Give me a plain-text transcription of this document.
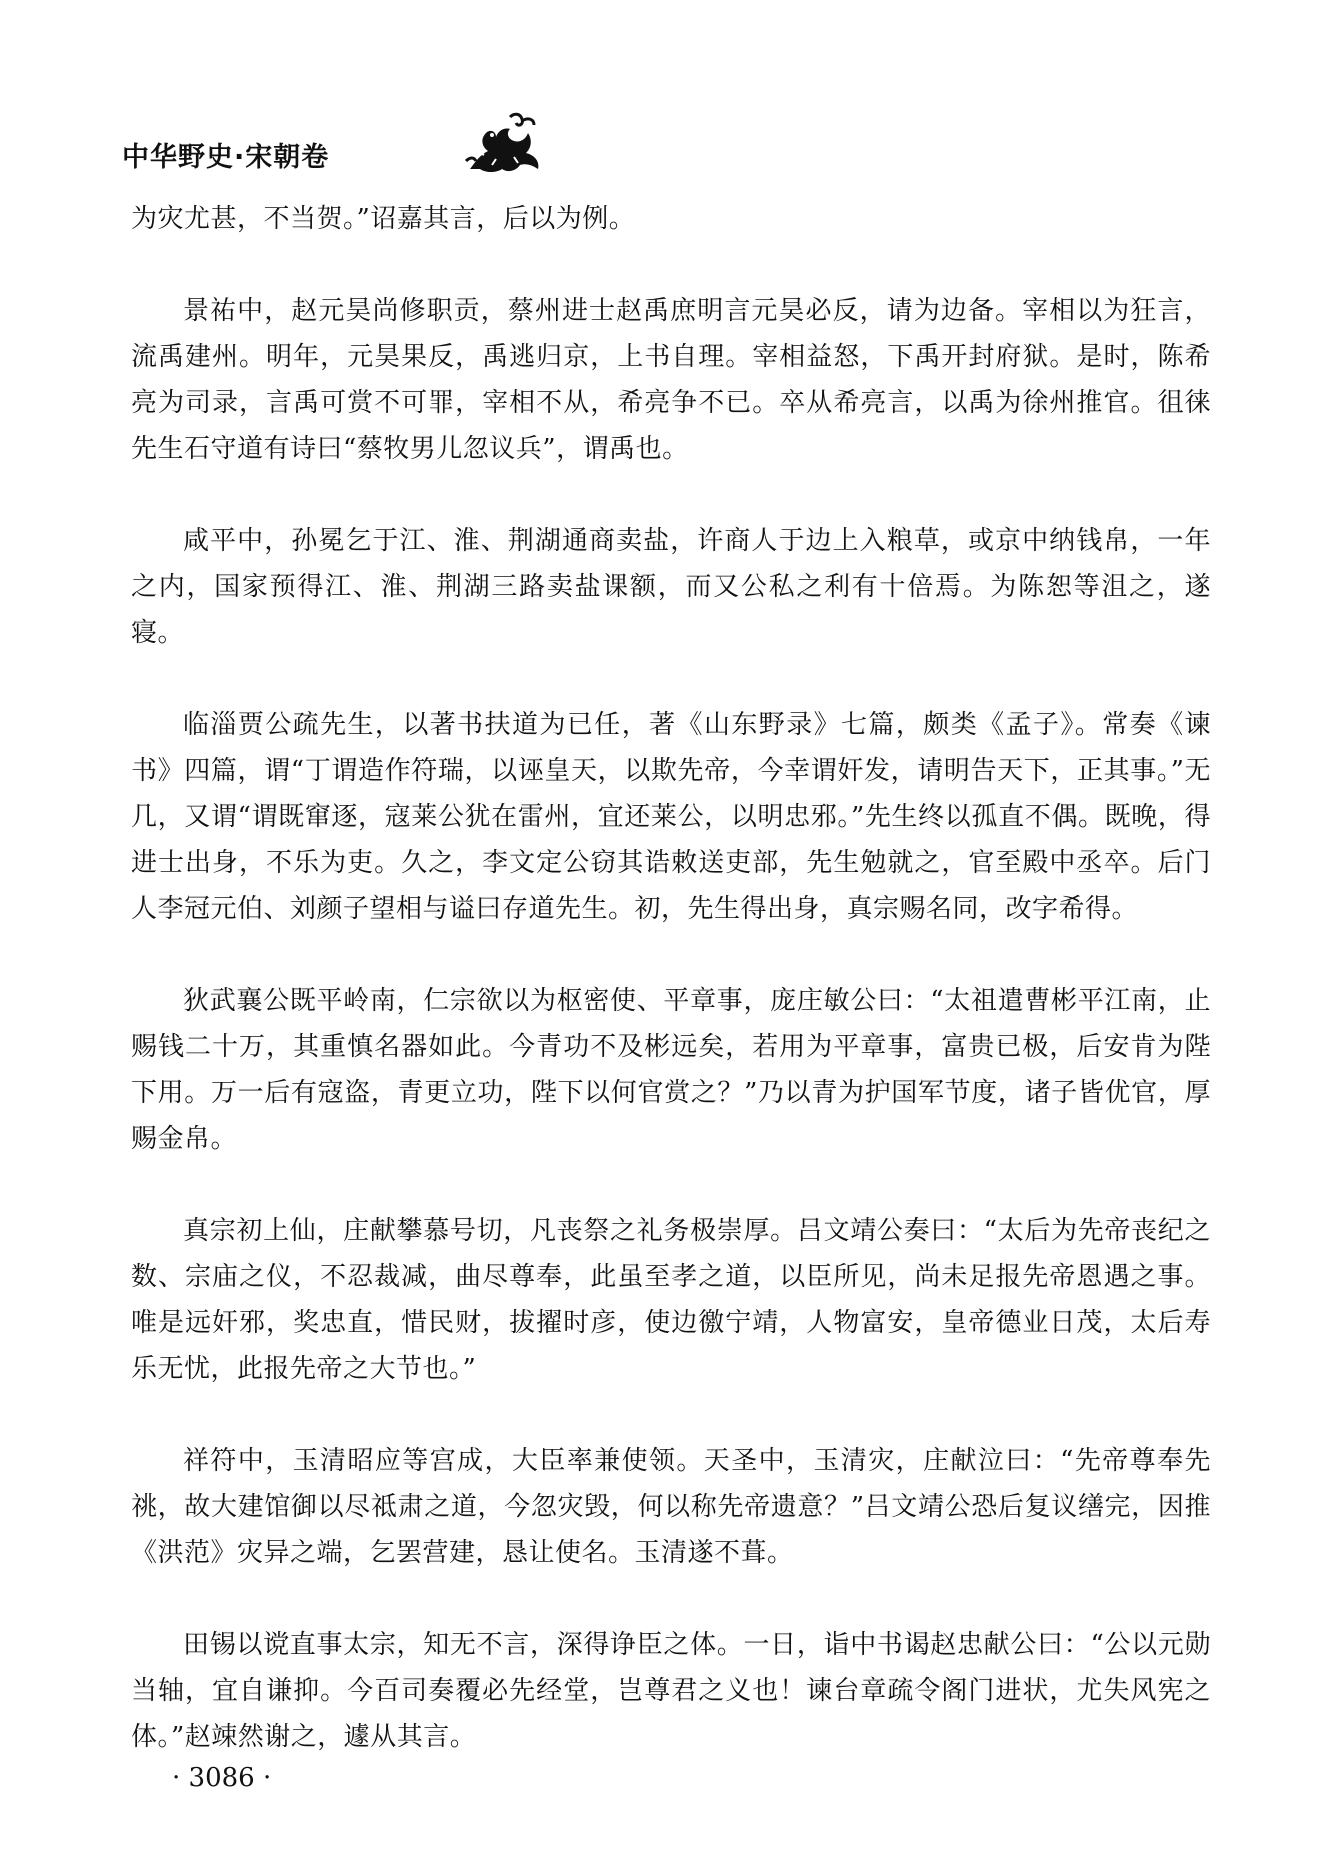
中华野史·宋朝卷

为灾尤甚，不当贺。”诏嘉其言，后以为例。

景祐中，赵元昊尚修职贡，蔡州进士赵禹庶明言元昊必反，请为边备。宰相以为狂言，流禹建州。明年，元昊果反，禹逃归京，上书自理。宰相益怒，下禹开封府狱。是时，陈希亮为司录，言禹可赏不可罪，宰相不从，希亮争不已。卒从希亮言，以禹为徐州推官。徂徕先生石守道有诗曰“蔡牧男儿忽议兵”，谓禹也。

咸平中，孙冕乞于江、淮、荆湖通商卖盐，许商人于边上入粮草，或京中纳钱帛，一年之内，国家预得江、淮、荆湖三路卖盐课额，而又公私之利有十倍焉。为陈恕等沮之，遂寝。

临淄贾公疏先生，以著书扶道为已任，著《山东野录》七篇，颇类《孟子》。常奏《谏书》四篇，谓“丁谓造作符瑞，以诬皇天，以欺先帝，今幸谓奸发，请明告天下，正其事。”无几，又谓“谓既窜逐，寇莱公犹在雷州，宜还莱公，以明忠邪。”先生终以孤直不偶。既晚，得进士出身，不乐为吏。久之，李文定公窃其诰敕送吏部，先生勉就之，官至殿中丞卒。后门人李冠元伯、刘颜子望相与谥曰存道先生。初，先生得出身，真宗赐名同，改字希得。

狄武襄公既平岭南，仁宗欲以为枢密使、平章事，庞庄敏公曰：“太祖遣曹彬平江南，止赐钱二十万，其重慎名器如此。今青功不及彬远矣，若用为平章事，富贵已极，后安肯为陛下用。万一后有寇盗，青更立功，陛下以何官赏之？”乃以青为护国军节度，诸子皆优官，厚赐金帛。

真宗初上仙，庄献攀慕号切，凡丧祭之礼务极崇厚。吕文靖公奏曰：“太后为先帝丧纪之数、宗庙之仪，不忍裁减，曲尽尊奉，此虽至孝之道，以臣所见，尚未足报先帝恩遇之事。唯是远奸邪，奖忠直，惜民财，拔擢时彦，使边徼宁靖，人物富安，皇帝德业日茂，太后寿乐无忧，此报先帝之大节也。”

祥符中，玉清昭应等宫成，大臣率兼使领。天圣中，玉清灾，庄献泣曰：“先帝尊奉先祧，故大建馆御以尽祗肃之道，今忽灾毁，何以称先帝遗意？”吕文靖公恐后复议缮完，因推《洪范》灾异之端，乞罢营建，恳让使名。玉清遂不葺。

田锡以谠直事太宗，知无不言，深得诤臣之体。一日，诣中书谒赵忠献公曰：“公以元勋当轴，宜自谦抑。今百司奏覆必先经堂，岂尊君之义也！谏台章疏令阁门进状，尤失风宪之体。”赵竦然谢之，遽从其言。

· 3086 ·
